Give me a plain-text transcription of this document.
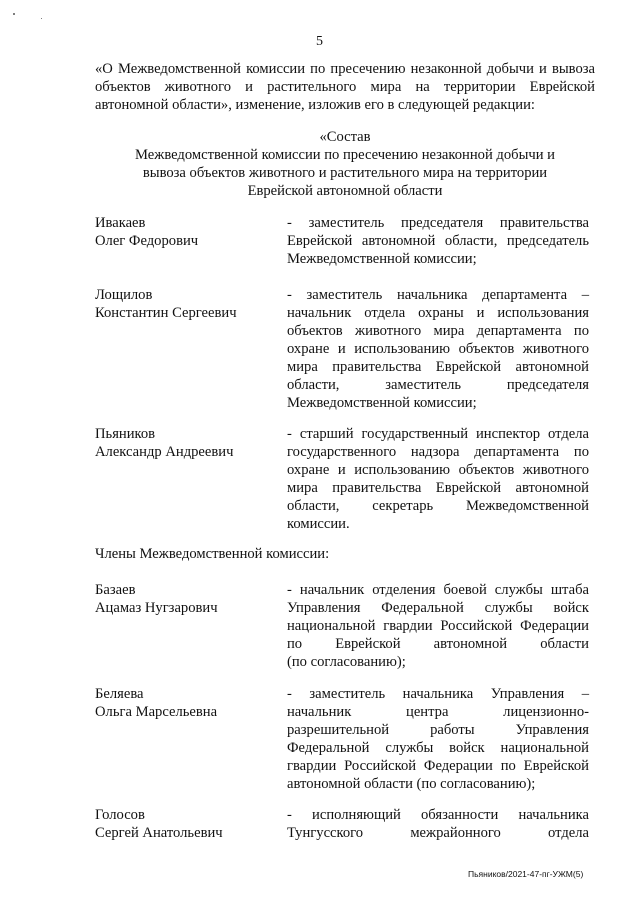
5
«О Межведомственной комиссии по пресечению незаконной добычи и вывоза
объектов животного и растительного мира на территории Еврейской
автономной области», изменение, изложив его в следующей редакции:
«Состав
Межведомственной комиссии по пресечению незаконной добычи и
вывоза объектов животного и растительного мира на территории
Еврейской автономной области
Ивакаев
Олег Федорович
- заместитель председателя правительства
Еврейской автономной области, председатель
Межведомственной комиссии;
Лощилов
Константин Сергеевич
- заместитель начальника департамента –
начальник отдела охраны и использования
объектов животного мира департамента по
охране и использованию объектов животного
мира правительства Еврейской автономной
области, заместитель председателя
Межведомственной комиссии;
Пьяников
Александр Андреевич
- старший государственный инспектор отдела
государственного надзора департамента по
охране и использованию объектов животного
мира правительства Еврейской автономной
области, секретарь Межведомственной
комиссии.
Члены Межведомственной комиссии:
Базаев
Ацамаз Нугзарович
- начальник отделения боевой службы штаба
Управления Федеральной службы войск
национальной гвардии Российской Федерации
по Еврейской автономной области
(по согласованию);
Беляева
Ольга Марсельевна
- заместитель начальника Управления –
начальник центра лицензионно-
разрешительной работы Управления
Федеральной службы войск национальной
гвардии Российской Федерации по Еврейской
автономной области (по согласованию);
Голосов
Сергей Анатольевич
- исполняющий обязанности начальника
Тунгусского межрайонного отдела
Пьяников/2021-47-пг-УЖМ(5)
